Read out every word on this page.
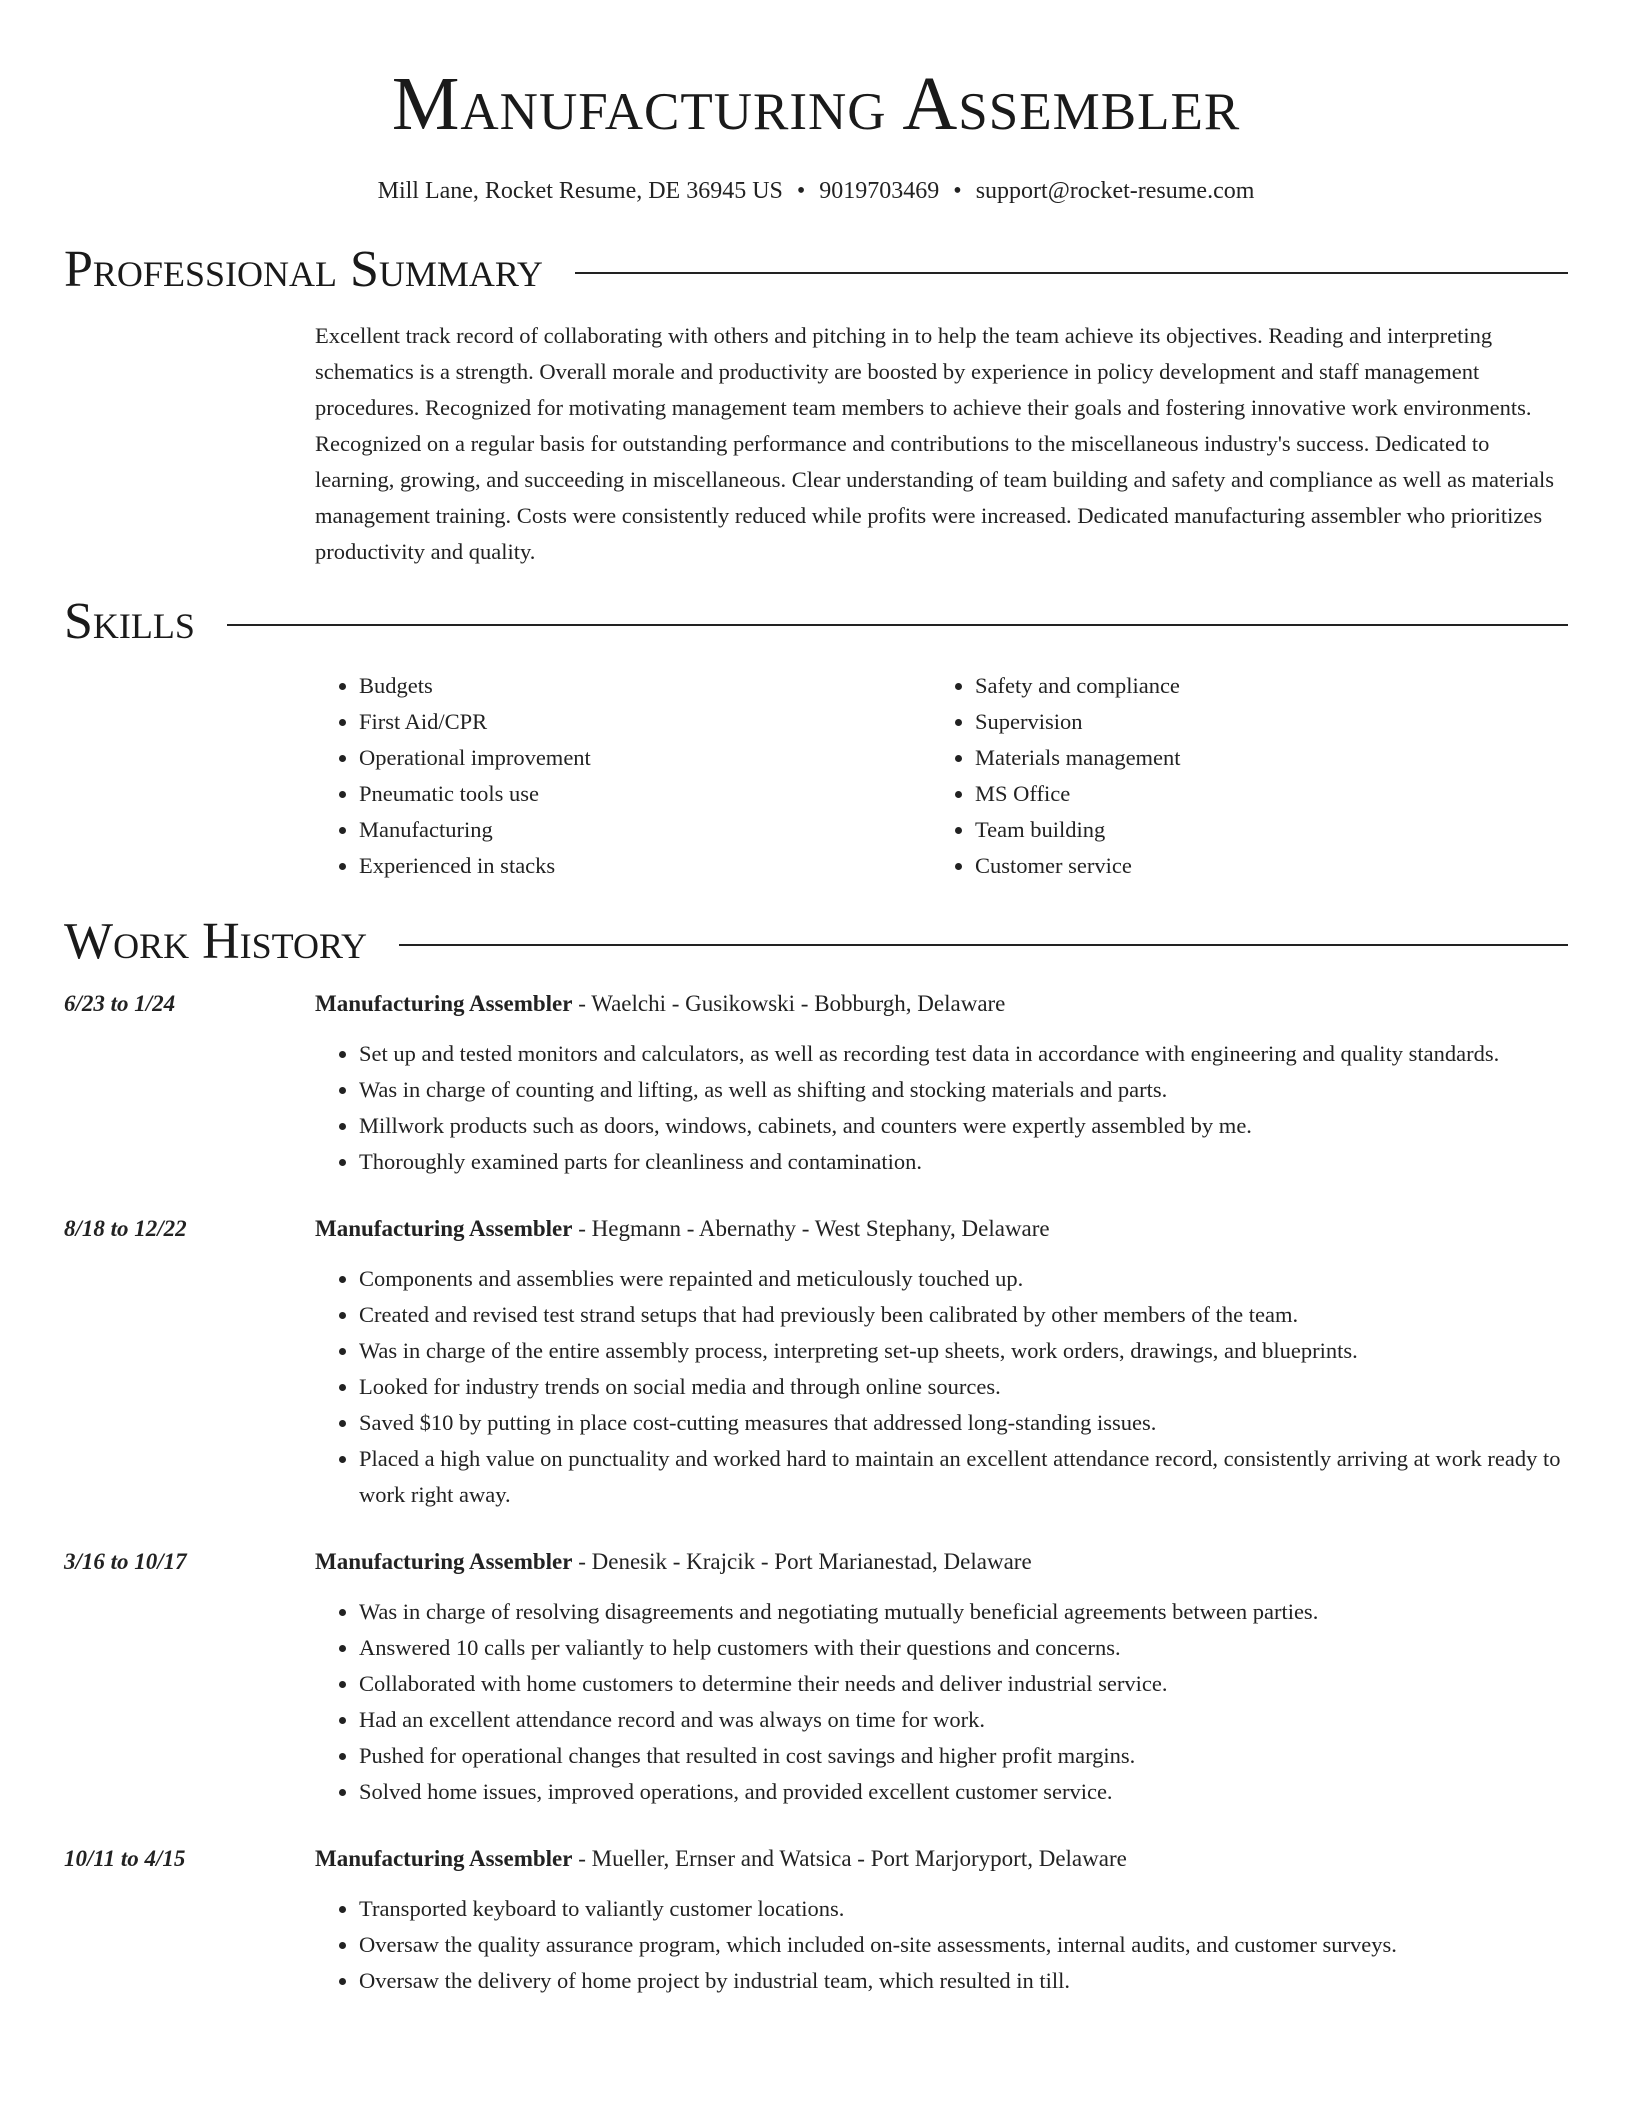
Manufacturing Assembler
Mill Lane, Rocket Resume, DE 36945 US • 9019703469 • support@rocket-resume.com
Professional Summary

Excellent track record of collaborating with others and pitching in to help the team achieve its objectives. Reading and interpreting schematics is a strength. Overall morale and productivity are boosted by experience in policy development and staff management procedures. Recognized for motivating management team members to achieve their goals and fostering innovative work environments. Recognized on a regular basis for outstanding performance and contributions to the miscellaneous industry's success. Dedicated to learning, growing, and succeeding in miscellaneous. Clear understanding of team building and safety and compliance as well as materials management training. Costs were consistently reduced while profits were increased. Dedicated manufacturing assembler who prioritizes productivity and quality.

Skills
• Budgets
• First Aid/CPR
• Operational improvement
• Pneumatic tools use
• Manufacturing
• Experienced in stacks
• Safety and compliance
• Supervision
• Materials management
• MS Office
• Team building
• Customer service
Work History
6/23 to 1/24	Manufacturing Assembler - Waelchi - Gusikowski - Bobburgh, Delaware
• Set up and tested monitors and calculators, as well as recording test data in accordance with engineering and quality standards.
• Was in charge of counting and lifting, as well as shifting and stocking materials and parts.
• Millwork products such as doors, windows, cabinets, and counters were expertly assembled by me.
• Thoroughly examined parts for cleanliness and contamination.
8/18 to 12/22	Manufacturing Assembler - Hegmann - Abernathy - West Stephany, Delaware
• Components and assemblies were repainted and meticulously touched up.
• Created and revised test strand setups that had previously been calibrated by other members of the team.
• Was in charge of the entire assembly process, interpreting set-up sheets, work orders, drawings, and blueprints.
• Looked for industry trends on social media and through online sources.
• Saved $10 by putting in place cost-cutting measures that addressed long-standing issues.
• Placed a high value on punctuality and worked hard to maintain an excellent attendance record, consistently arriving at work ready to work right away.
3/16 to 10/17	Manufacturing Assembler - Denesik - Krajcik - Port Marianestad, Delaware
• Was in charge of resolving disagreements and negotiating mutually beneficial agreements between parties.
• Answered 10 calls per valiantly to help customers with their questions and concerns.
• Collaborated with home customers to determine their needs and deliver industrial service.
• Had an excellent attendance record and was always on time for work.
• Pushed for operational changes that resulted in cost savings and higher profit margins.
• Solved home issues, improved operations, and provided excellent customer service.
10/11 to 4/15	Manufacturing Assembler - Mueller, Ernser and Watsica - Port Marjoryport, Delaware
• Transported keyboard to valiantly customer locations.
• Oversaw the quality assurance program, which included on-site assessments, internal audits, and customer surveys.
• Oversaw the delivery of home project by industrial team, which resulted in till.
